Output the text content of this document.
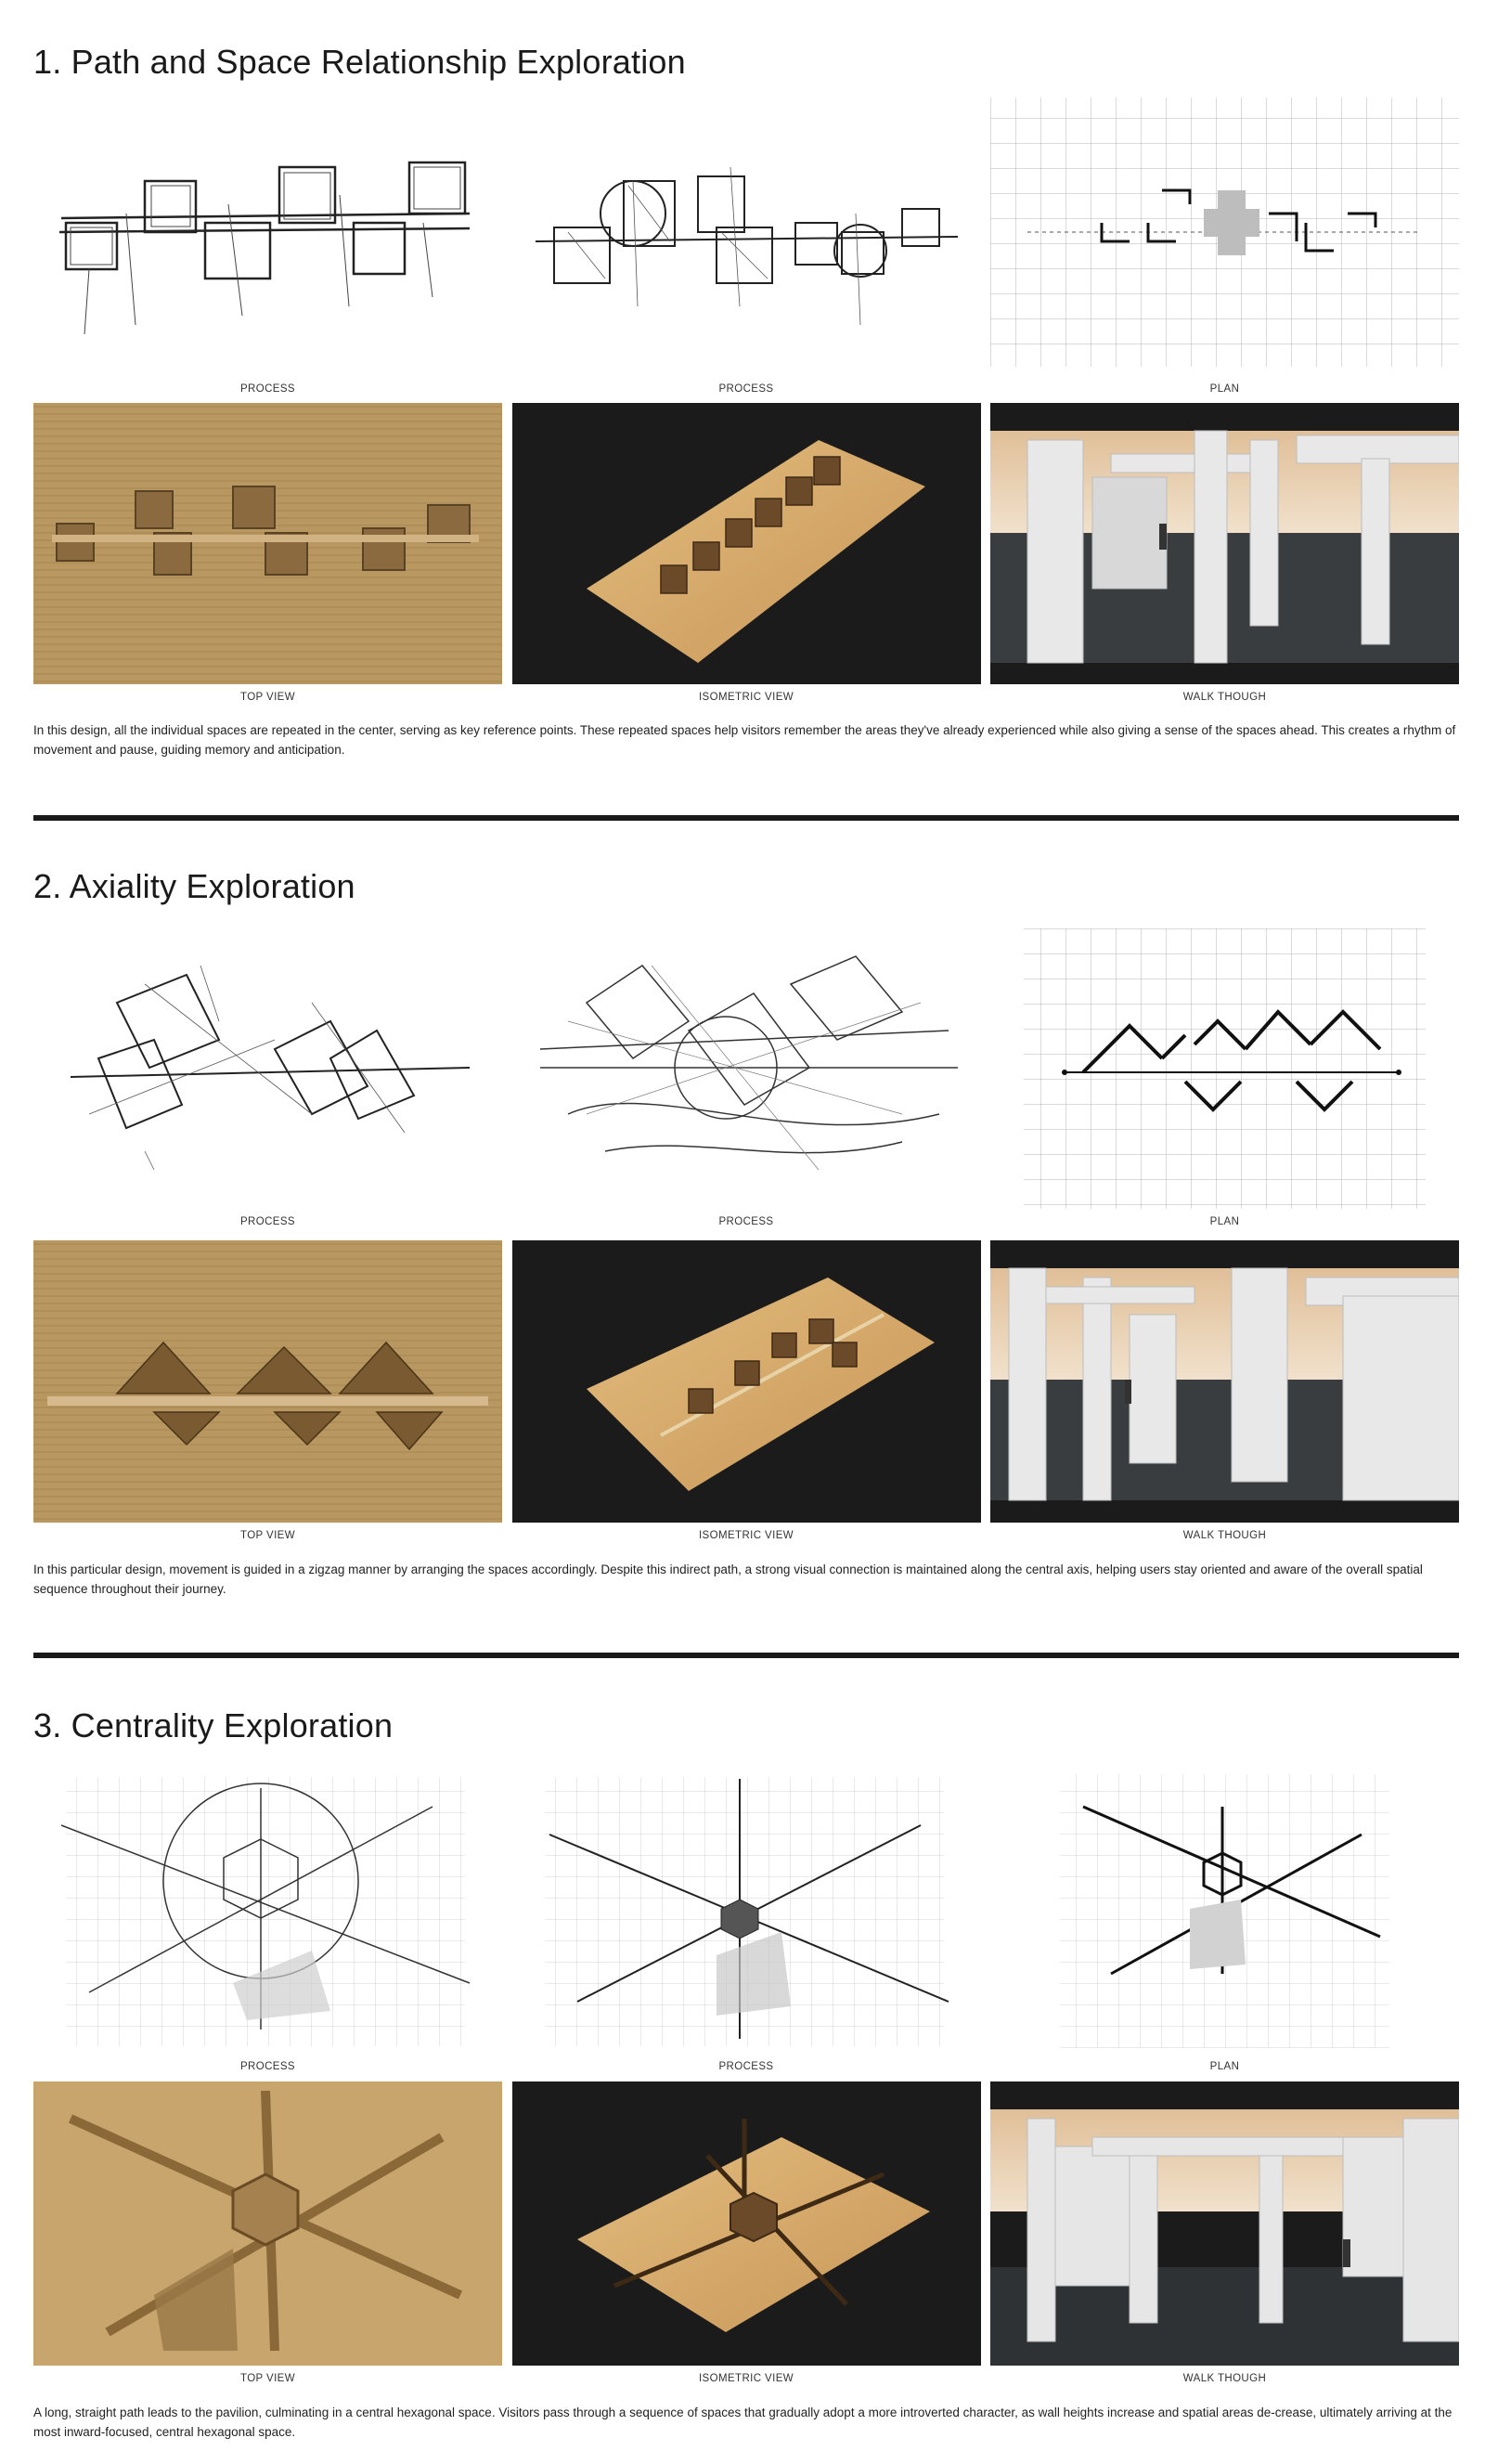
1. Path and Space Relationship Exploration
PROCESS	PROCESS	PLAN
TOP VIEW	ISOMETRIC VIEW	WALK THOUGH

In this design, all the individual spaces are repeated in the center, serving as key reference points. These repeated spaces help visitors remember the areas they've already experienced while also giving a sense of the spaces ahead. This creates a rhythm of movement and pause, guiding memory and anticipation.

2. Axiality Exploration
PROCESS	PROCESS	PLAN
TOP VIEW	ISOMETRIC VIEW	WALK THOUGH

In this particular design, movement is guided in a zigzag manner by arranging the spaces accordingly. Despite this indirect path, a strong visual connection is maintained along the central axis, helping users stay oriented and aware of the overall spatial sequence throughout their journey.

3. Centrality Exploration
PROCESS	PROCESS	PLAN
TOP VIEW	ISOMETRIC VIEW	WALK THOUGH

A long, straight path leads to the pavilion, culminating in a central hexagonal space. Visitors pass through a sequence of spaces that gradually adopt a more introverted character, as wall heights increase and spatial areas de-crease, ultimately arriving at the most inward-focused, central hexagonal space.
